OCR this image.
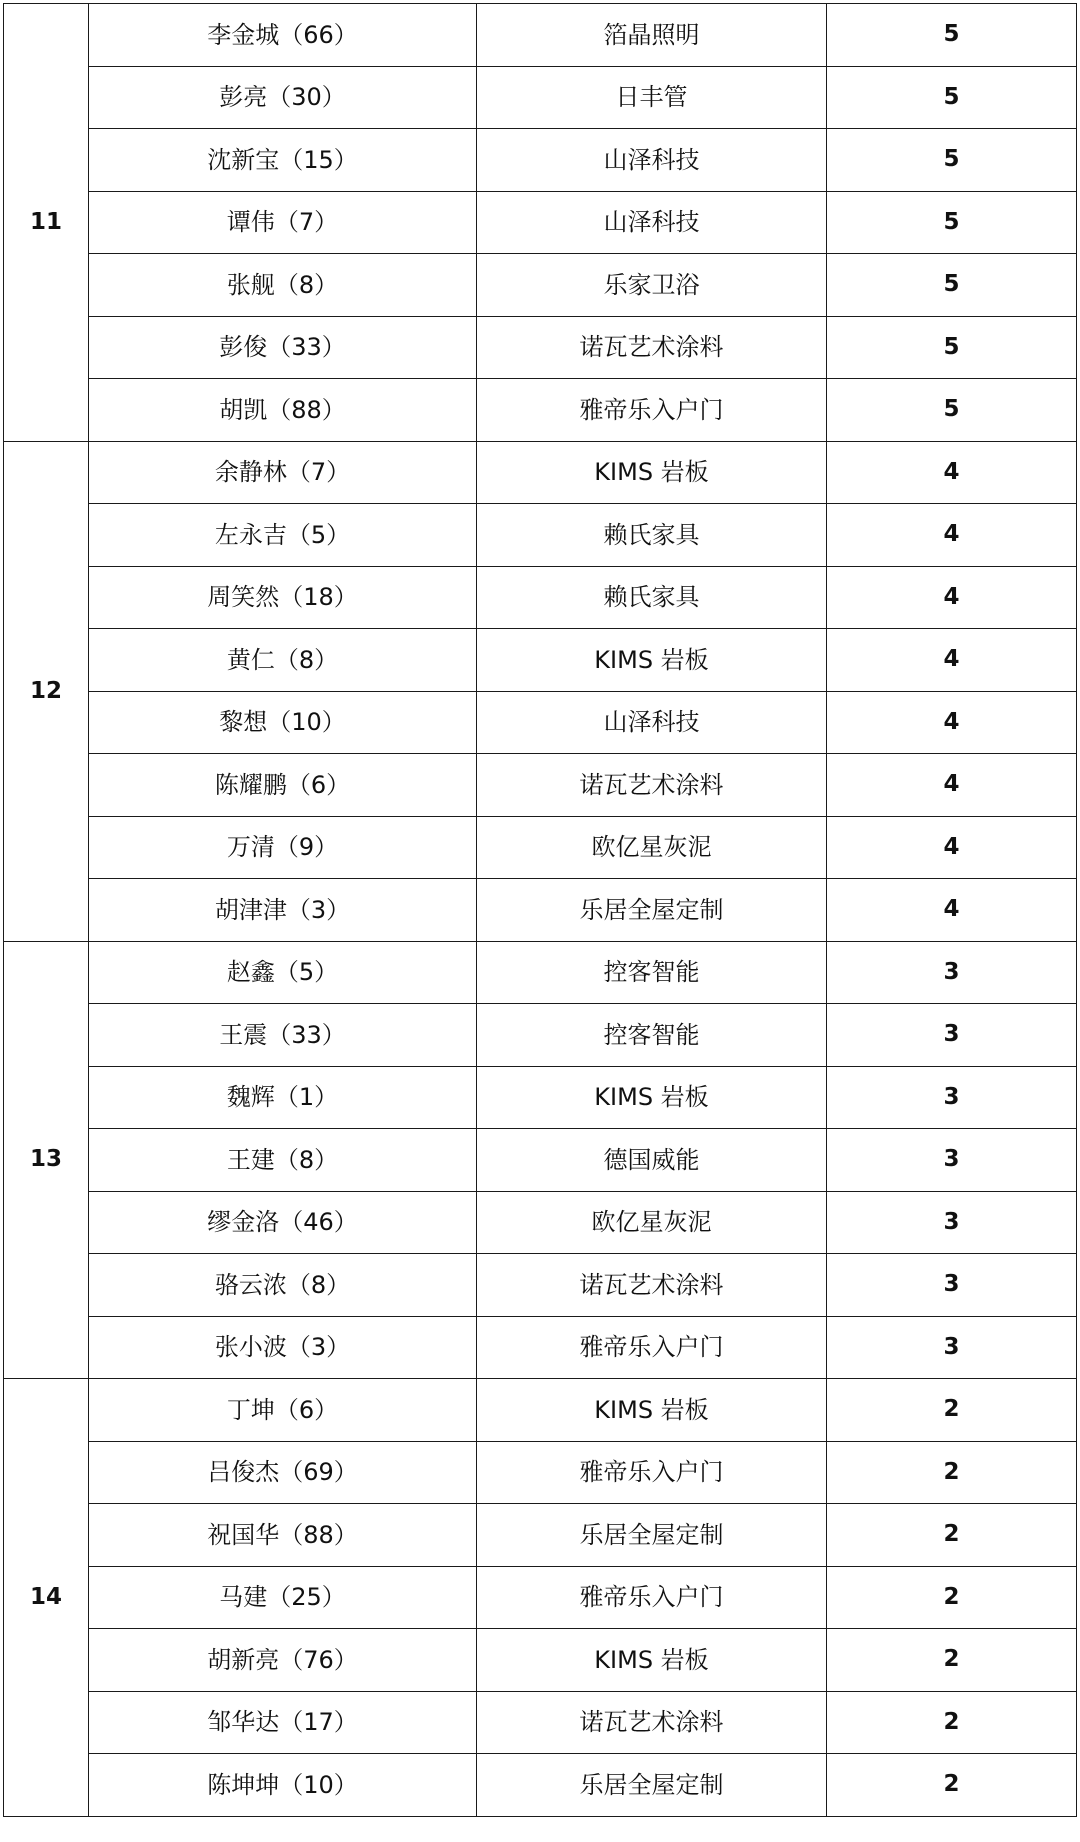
11	李金城（66）	箔晶照明	5
	彭亮（30）	日丰管	5
	沈新宝（15）	山泽科技	5
	谭伟（7）	山泽科技	5
	张舰（8）	乐家卫浴	5
	彭俊（33）	诺瓦艺术涂料	5
	胡凯（88）	雅帝乐入户门	5
12	余静林（7）	KIMS 岩板	4
	左永吉（5）	赖氏家具	4
	周笑然（18）	赖氏家具	4
	黄仁（8）	KIMS 岩板	4
	黎想（10）	山泽科技	4
	陈耀鹏（6）	诺瓦艺术涂料	4
	万清（9）	欧亿星灰泥	4
	胡津津（3）	乐居全屋定制	4
13	赵鑫（5）	控客智能	3
	王震（33）	控客智能	3
	魏辉（1）	KIMS 岩板	3
	王建（8）	德国威能	3
	缪金洛（46）	欧亿星灰泥	3
	骆云浓（8）	诺瓦艺术涂料	3
	张小波（3）	雅帝乐入户门	3
14	丁坤（6）	KIMS 岩板	2
	吕俊杰（69）	雅帝乐入户门	2
	祝国华（88）	乐居全屋定制	2
	马建（25）	雅帝乐入户门	2
	胡新亮（76）	KIMS 岩板	2
	邹华达（17）	诺瓦艺术涂料	2
	陈坤坤（10）	乐居全屋定制	2
